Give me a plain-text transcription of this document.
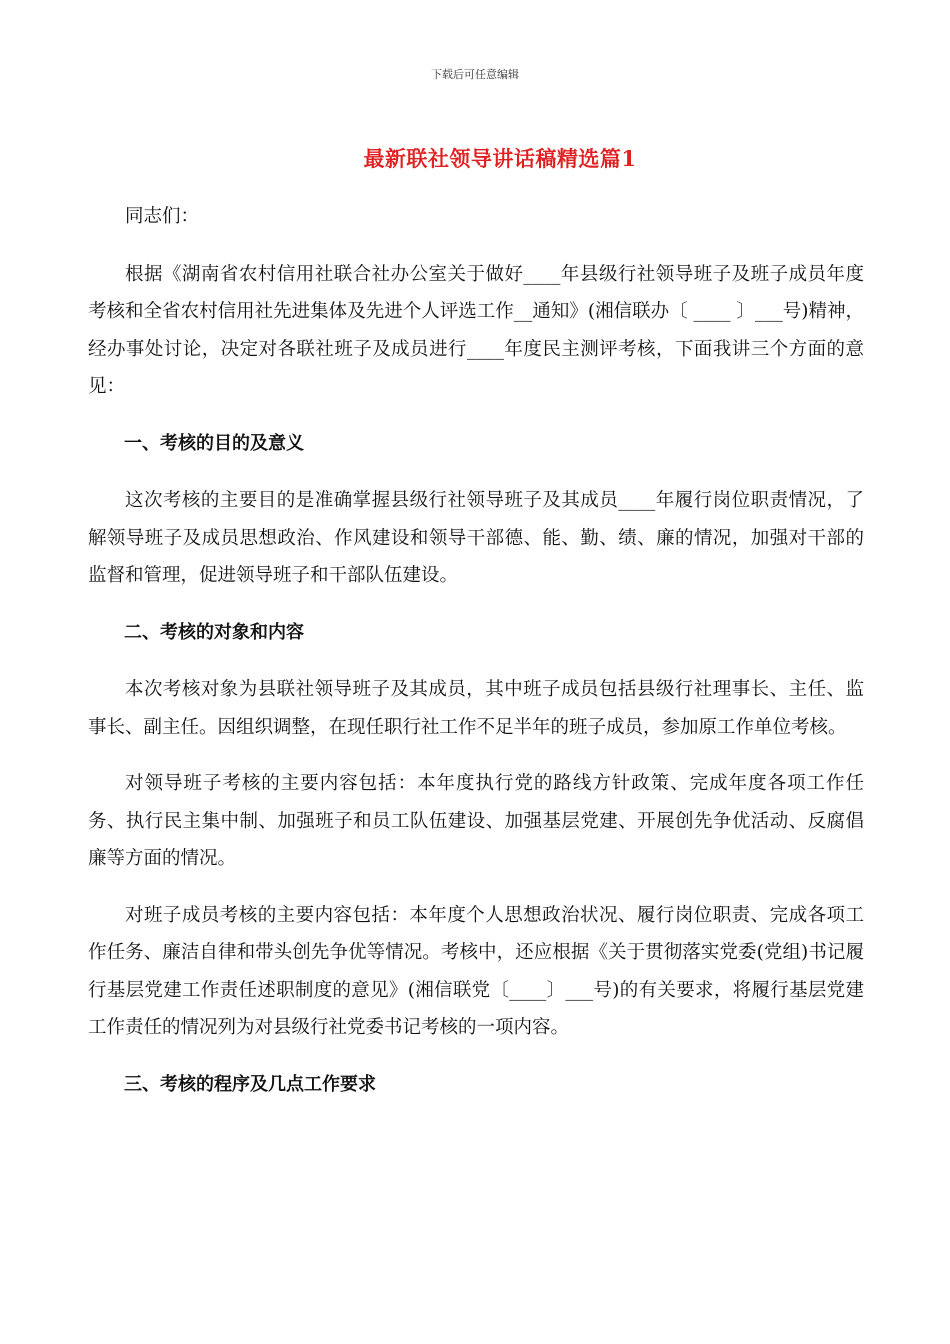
下载后可任意编辑
最新联社领导讲话稿精选篇1

同志们：

根据《湖南省农村信用社联合社办公室关于做好____年县级行社领导班子及班子成员年度考核和全省农村信用社先进集体及先进个人评选工作__通知》(湘信联办〔 ____ 〕___号)精神，经办事处讨论，决定对各联社班子及成员进行____年度民主测评考核，下面我讲三个方面的意见：

一、考核的目的及意义

这次考核的主要目的是准确掌握县级行社领导班子及其成员____年履行岗位职责情况，了解领导班子及成员思想政治、作风建设和领导干部德、能、勤、绩、廉的情况，加强对干部的监督和管理，促进领导班子和干部队伍建设。

二、考核的对象和内容

本次考核对象为县联社领导班子及其成员，其中班子成员包括县级行社理事长、主任、监事长、副主任。因组织调整，在现任职行社工作不足半年的班子成员，参加原工作单位考核。

对领导班子考核的主要内容包括：本年度执行党的路线方针政策、完成年度各项工作任务、执行民主集中制、加强班子和员工队伍建设、加强基层党建、开展创先争优活动、反腐倡廉等方面的情况。

对班子成员考核的主要内容包括：本年度个人思想政治状况、履行岗位职责、完成各项工作任务、廉洁自律和带头创先争优等情况。考核中，还应根据《关于贯彻落实党委(党组)书记履行基层党建工作责任述职制度的意见》(湘信联党〔____〕___号)的有关要求，将履行基层党建工作责任的情况列为对县级行社党委书记考核的一项内容。

三、考核的程序及几点工作要求
